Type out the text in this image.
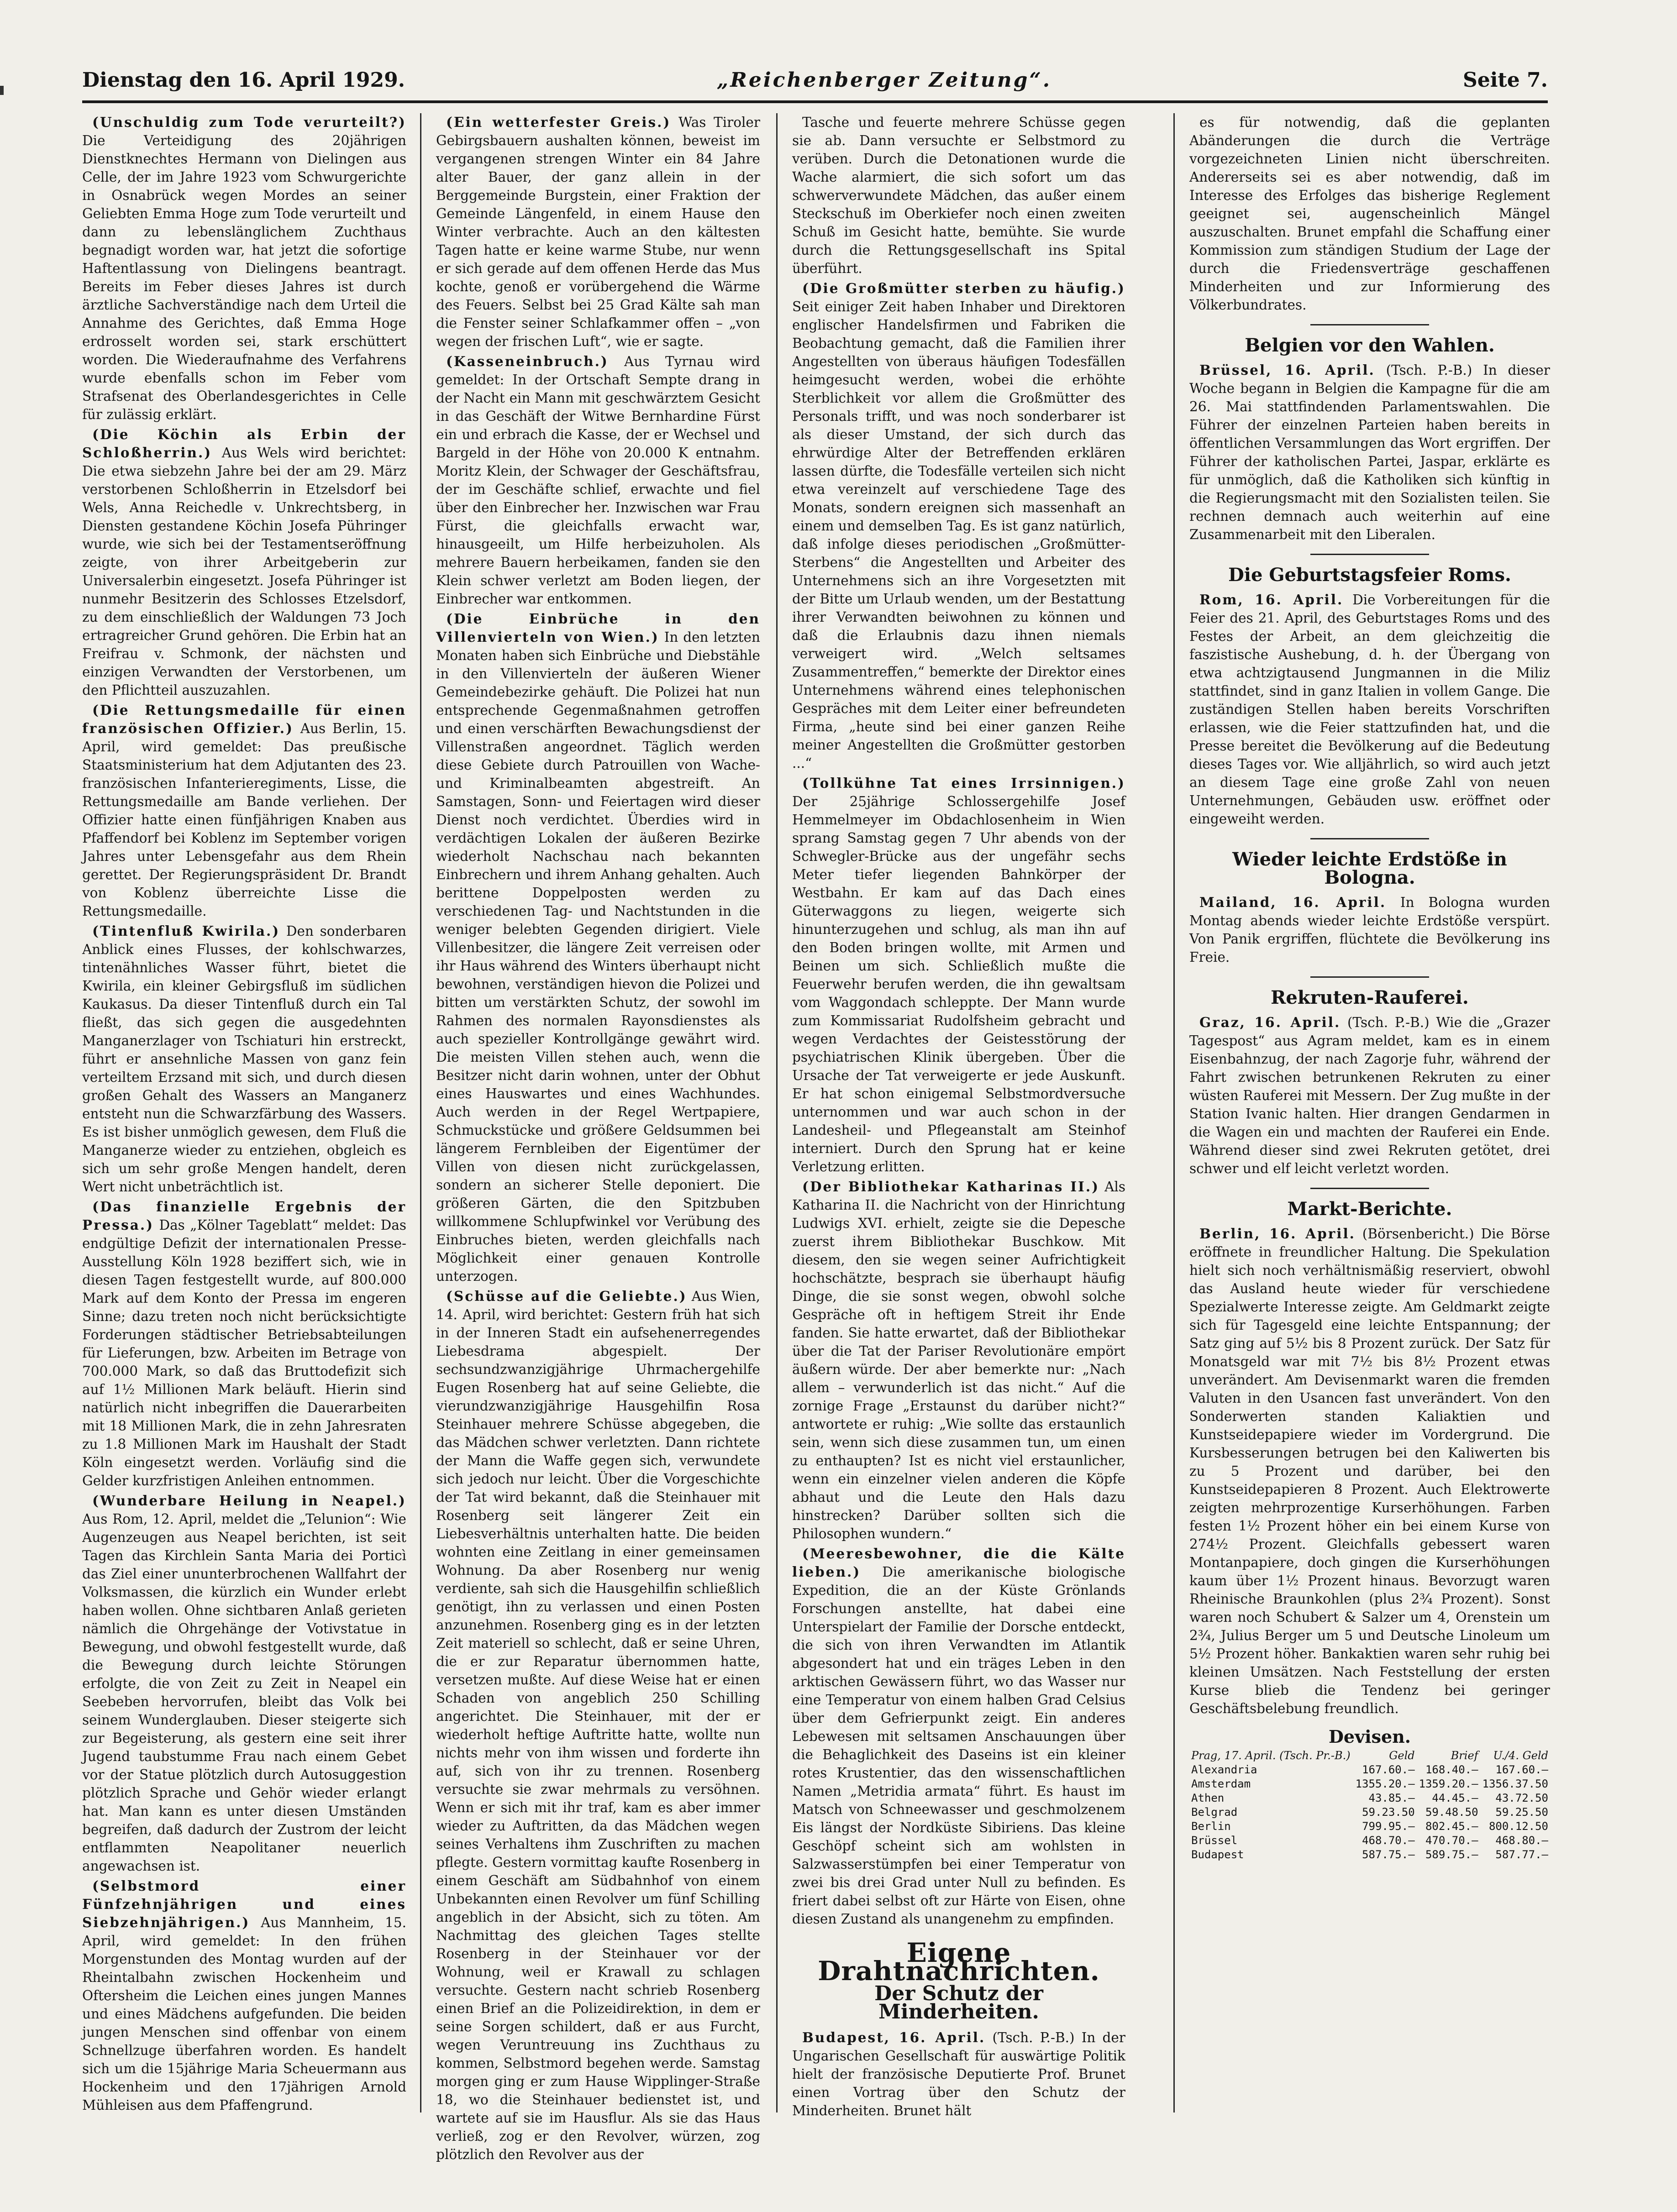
Dienstag den 16. April 1929.	„Reichenberger Zeitung“.	Seite 7.

(Unschuldig zum Tode verurteilt?) Die Verteidigung des 20jährigen Dienstknechtes Hermann von Dielingen aus Celle, der im Jahre 1923 vom Schwurgerichte in Osnabrück wegen Mordes an seiner Geliebten Emma Hoge zum Tode verurteilt und dann zu lebenslänglichem Zuchthaus begnadigt worden war, hat jetzt die sofortige Haftentlassung von Dielingens beantragt. Bereits im Feber dieses Jahres ist durch ärztliche Sachverständige nach dem Urteil die Annahme des Gerichtes, daß Emma Hoge erdrosselt worden sei, stark erschüttert worden. Die Wiederaufnahme des Verfahrens wurde ebenfalls schon im Feber vom Strafsenat des Oberlandesgerichtes in Celle für zulässig erklärt.

(Die Köchin als Erbin der Schloßherrin.) Aus Wels wird berichtet: Die etwa siebzehn Jahre bei der am 29. März verstorbenen Schloßherrin in Etzelsdorf bei Wels, Anna Reichedle v. Unkrechtsberg, in Diensten gestandene Köchin Josefa Pühringer wurde, wie sich bei der Testamentseröffnung zeigte, von ihrer Arbeitgeberin zur Universalerbin eingesetzt. Josefa Pühringer ist nunmehr Besitzerin des Schlosses Etzelsdorf, zu dem einschließlich der Waldungen 73 Joch ertragreicher Grund gehören. Die Erbin hat an Freifrau v. Schmonk, der nächsten und einzigen Verwandten der Verstorbenen, um den Pflichtteil auszuzahlen.

(Die Rettungsmedaille für einen französischen Offizier.) Aus Berlin, 15. April, wird gemeldet: Das preußische Staatsministerium hat dem Adjutanten des 23. französischen Infanterieregiments, Lisse, die Rettungsmedaille am Bande verliehen. Der Offizier hatte einen fünfjährigen Knaben aus Pfaffendorf bei Koblenz im September vorigen Jahres unter Lebensgefahr aus dem Rhein gerettet. Der Regierungspräsident Dr. Brandt von Koblenz überreichte Lisse die Rettungsmedaille.

(Tintenfluß Kwirila.) Den sonderbaren Anblick eines Flusses, der kohlschwarzes, tintenähnliches Wasser führt, bietet die Kwirila, ein kleiner Gebirgsfluß im südlichen Kaukasus. Da dieser Tintenfluß durch ein Tal fließt, das sich gegen die ausgedehnten Manganerzlager von Tschiaturi hin erstreckt, führt er ansehnliche Massen von ganz fein verteiltem Erzsand mit sich, und durch diesen großen Gehalt des Wassers an Manganerz entsteht nun die Schwarzfärbung des Wassers. Es ist bisher unmöglich gewesen, dem Fluß die Manganerze wieder zu entziehen, obgleich es sich um sehr große Mengen handelt, deren Wert nicht unbeträchtlich ist.

(Das finanzielle Ergebnis der Pressa.) Das „Kölner Tageblatt“ meldet: Das endgültige Defizit der internationalen Presse-Ausstellung Köln 1928 beziffert sich, wie in diesen Tagen festgestellt wurde, auf 800.000 Mark auf dem Konto der Pressa im engeren Sinne; dazu treten noch nicht berücksichtigte Forderungen städtischer Betriebsabteilungen für Lieferungen, bzw. Arbeiten im Betrage von 700.000 Mark, so daß das Bruttodefizit sich auf 1½ Millionen Mark beläuft. Hierin sind natürlich nicht inbegriffen die Dauerarbeiten mit 18 Millionen Mark, die in zehn Jahresraten zu 1.8 Millionen Mark im Haushalt der Stadt Köln eingesetzt werden. Vorläufig sind die Gelder kurzfristigen Anleihen entnommen.

(Wunderbare Heilung in Neapel.) Aus Rom, 12. April, meldet die „Telunion“: Wie Augenzeugen aus Neapel berichten, ist seit Tagen das Kirchlein Santa Maria dei Porticì das Ziel einer ununterbrochenen Wallfahrt der Volksmassen, die kürzlich ein Wunder erlebt haben wollen. Ohne sichtbaren Anlaß gerieten nämlich die Ohrgehänge der Votivstatue in Bewegung, und obwohl festgestellt wurde, daß die Bewegung durch leichte Störungen erfolgte, die von Zeit zu Zeit in Neapel ein Seebeben hervorrufen, bleibt das Volk bei seinem Wunderglauben. Dieser steigerte sich zur Begeisterung, als gestern eine seit ihrer Jugend taubstumme Frau nach einem Gebet vor der Statue plötzlich durch Autosuggestion plötzlich Sprache und Gehör wieder erlangt hat. Man kann es unter diesen Umständen begreifen, daß dadurch der Zustrom der leicht entflammten Neapolitaner neuerlich angewachsen ist.

(Selbstmord einer Fünfzehnjährigen und eines Siebzehnjährigen.) Aus Mannheim, 15. April, wird gemeldet: In den frühen Morgenstunden des Montag wurden auf der Rheintalbahn zwischen Hockenheim und Oftersheim die Leichen eines jungen Mannes und eines Mädchens aufgefunden. Die beiden jungen Menschen sind offenbar von einem Schnellzuge überfahren worden. Es handelt sich um die 15jährige Maria Scheuermann aus Hockenheim und den 17jährigen Arnold Mühleisen aus dem Pfaffengrund.

(Ein wetterfester Greis.) Was Tiroler Gebirgsbauern aushalten können, beweist im vergangenen strengen Winter ein 84 Jahre alter Bauer, der ganz allein in der Berggemeinde Burgstein, einer Fraktion der Gemeinde Längenfeld, in einem Hause den Winter verbrachte. Auch an den kältesten Tagen hatte er keine warme Stube, nur wenn er sich gerade auf dem offenen Herde das Mus kochte, genoß er vorübergehend die Wärme des Feuers. Selbst bei 25 Grad Kälte sah man die Fenster seiner Schlafkammer offen – „von wegen der frischen Luft“, wie er sagte.

(Kasseneinbruch.) Aus Tyrnau wird gemeldet: In der Ortschaft Sempte drang in der Nacht ein Mann mit geschwärztem Gesicht in das Geschäft der Witwe Bernhardine Fürst ein und erbrach die Kasse, der er Wechsel und Bargeld in der Höhe von 20.000 K entnahm. Moritz Klein, der Schwager der Geschäftsfrau, der im Geschäfte schlief, erwachte und fiel über den Einbrecher her. Inzwischen war Frau Fürst, die gleichfalls erwacht war, hinausgeeilt, um Hilfe herbeizuholen. Als mehrere Bauern herbeikamen, fanden sie den Klein schwer verletzt am Boden liegen, der Einbrecher war entkommen.

(Die Einbrüche in den Villenvierteln von Wien.) In den letzten Monaten haben sich Einbrüche und Diebstähle in den Villenvierteln der äußeren Wiener Gemeindebezirke gehäuft. Die Polizei hat nun entsprechende Gegenmaßnahmen getroffen und einen verschärften Bewachungsdienst der Villenstraßen angeordnet. Täglich werden diese Gebiete durch Patrouillen von Wache- und Kriminalbeamten abgestreift. An Samstagen, Sonn- und Feiertagen wird dieser Dienst noch verdichtet. Überdies wird in verdächtigen Lokalen der äußeren Bezirke wiederholt Nachschau nach bekannten Einbrechern und ihrem Anhang gehalten. Auch berittene Doppelposten werden zu verschiedenen Tag- und Nachtstunden in die weniger belebten Gegenden dirigiert. Viele Villenbesitzer, die längere Zeit verreisen oder ihr Haus während des Winters überhaupt nicht bewohnen, verständigen hievon die Polizei und bitten um verstärkten Schutz, der sowohl im Rahmen des normalen Rayonsdienstes als auch spezieller Kontrollgänge gewährt wird. Die meisten Villen stehen auch, wenn die Besitzer nicht darin wohnen, unter der Obhut eines Hauswartes und eines Wachhundes. Auch werden in der Regel Wertpapiere, Schmuckstücke und größere Geldsummen bei längerem Fernbleiben der Eigentümer der Villen von diesen nicht zurückgelassen, sondern an sicherer Stelle deponiert. Die größeren Gärten, die den Spitzbuben willkommene Schlupfwinkel vor Verübung des Einbruches bieten, werden gleichfalls nach Möglichkeit einer genauen Kontrolle unterzogen.

(Schüsse auf die Geliebte.) Aus Wien, 14. April, wird berichtet: Gestern früh hat sich in der Inneren Stadt ein aufsehenerregendes Liebesdrama abgespielt. Der sechsundzwanzigjährige Uhrmachergehilfe Eugen Rosenberg hat auf seine Geliebte, die vierundzwanzigjährige Hausgehilfin Rosa Steinhauer mehrere Schüsse abgegeben, die das Mädchen schwer verletzten. Dann richtete der Mann die Waffe gegen sich, verwundete sich jedoch nur leicht. Über die Vorgeschichte der Tat wird bekannt, daß die Steinhauer mit Rosenberg seit längerer Zeit ein Liebesverhältnis unterhalten hatte. Die beiden wohnten eine Zeitlang in einer gemeinsamen Wohnung. Da aber Rosenberg nur wenig verdiente, sah sich die Hausgehilfin schließlich genötigt, ihn zu verlassen und einen Posten anzunehmen. Rosenberg ging es in der letzten Zeit materiell so schlecht, daß er seine Uhren, die er zur Reparatur übernommen hatte, versetzen mußte. Auf diese Weise hat er einen Schaden von angeblich 250 Schilling angerichtet. Die Steinhauer, mit der er wiederholt heftige Auftritte hatte, wollte nun nichts mehr von ihm wissen und forderte ihn auf, sich von ihr zu trennen. Rosenberg versuchte sie zwar mehrmals zu versöhnen. Wenn er sich mit ihr traf, kam es aber immer wieder zu Auftritten, da das Mädchen wegen seines Verhaltens ihm Zuschriften zu machen pflegte. Gestern vormittag kaufte Rosenberg in einem Geschäft am Südbahnhof von einem Unbekannten einen Revolver um fünf Schilling angeblich in der Absicht, sich zu töten. Am Nachmittag des gleichen Tages stellte Rosenberg in der Steinhauer vor der Wohnung, weil er Krawall zu schlagen versuchte. Gestern nacht schrieb Rosenberg einen Brief an die Polizeidirektion, in dem er seine Sorgen schildert, daß er aus Furcht, wegen Veruntreuung ins Zuchthaus zu kommen, Selbstmord begehen werde. Samstag morgen ging er zum Hause Wipplinger-Straße 18, wo die Steinhauer bedienstet ist, und wartete auf sie im Hausflur. Als sie das Haus verließ, zog er den Revolver, würzen, zog plötzlich den Revolver aus der

Tasche und feuerte mehrere Schüsse gegen sie ab. Dann versuchte er Selbstmord zu verüben. Durch die Detonationen wurde die Wache alarmiert, die sich sofort um das schwerverwundete Mädchen, das außer einem Steckschuß im Oberkiefer noch einen zweiten Schuß im Gesicht hatte, bemühte. Sie wurde durch die Rettungsgesellschaft ins Spital überführt.

(Die Großmütter sterben zu häufig.) Seit einiger Zeit haben Inhaber und Direktoren englischer Handelsfirmen und Fabriken die Beobachtung gemacht, daß die Familien ihrer Angestellten von überaus häufigen Todesfällen heimgesucht werden, wobei die erhöhte Sterblichkeit vor allem die Großmütter des Personals trifft, und was noch sonderbarer ist als dieser Umstand, der sich durch das ehrwürdige Alter der Betreffenden erklären lassen dürfte, die Todesfälle verteilen sich nicht etwa vereinzelt auf verschiedene Tage des Monats, sondern ereignen sich massenhaft an einem und demselben Tag. Es ist ganz natürlich, daß infolge dieses periodischen „Großmütter-Sterbens“ die Angestellten und Arbeiter des Unternehmens sich an ihre Vorgesetzten mit der Bitte um Urlaub wenden, um der Bestattung ihrer Verwandten beiwohnen zu können und daß die Erlaubnis dazu ihnen niemals verweigert wird. „Welch seltsames Zusammentreffen,“ bemerkte der Direktor eines Unternehmens während eines telephonischen Gespräches mit dem Leiter einer befreundeten Firma, „heute sind bei einer ganzen Reihe meiner Angestellten die Großmütter gestorben ...“

(Tollkühne Tat eines Irrsinnigen.) Der 25jährige Schlossergehilfe Josef Hemmelmeyer im Obdachlosenheim in Wien sprang Samstag gegen 7 Uhr abends von der Schwegler-Brücke aus der ungefähr sechs Meter tiefer liegenden Bahnkörper der Westbahn. Er kam auf das Dach eines Güterwaggons zu liegen, weigerte sich hinunterzugehen und schlug, als man ihn auf den Boden bringen wollte, mit Armen und Beinen um sich. Schließlich mußte die Feuerwehr berufen werden, die ihn gewaltsam vom Waggondach schleppte. Der Mann wurde zum Kommissariat Rudolfsheim gebracht und wegen Verdachtes der Geistesstörung der psychiatrischen Klinik übergeben. Über die Ursache der Tat verweigerte er jede Auskunft. Er hat schon einigemal Selbstmordversuche unternommen und war auch schon in der Landesheil- und Pflegeanstalt am Steinhof interniert. Durch den Sprung hat er keine Verletzung erlitten.

(Der Bibliothekar Katharinas II.) Als Katharina II. die Nachricht von der Hinrichtung Ludwigs XVI. erhielt, zeigte sie die Depesche zuerst ihrem Bibliothekar Buschkow. Mit diesem, den sie wegen seiner Aufrichtigkeit hochschätzte, besprach sie überhaupt häufig Dinge, die sie sonst wegen, obwohl solche Gespräche oft in heftigem Streit ihr Ende fanden. Sie hatte erwartet, daß der Bibliothekar über die Tat der Pariser Revolutionäre empört äußern würde. Der aber bemerkte nur: „Nach allem – verwunderlich ist das nicht.“ Auf die zornige Frage „Erstaunst du darüber nicht?“ antwortete er ruhig: „Wie sollte das erstaunlich sein, wenn sich diese zusammen tun, um einen zu enthaupten? Ist es nicht viel erstaunlicher, wenn ein einzelner vielen anderen die Köpfe abhaut und die Leute den Hals dazu hinstrecken? Darüber sollten sich die Philosophen wundern.“

(Meeresbewohner, die die Kälte lieben.) Die amerikanische biologische Expedition, die an der Küste Grönlands Forschungen anstellte, hat dabei eine Unterspielart der Familie der Dorsche entdeckt, die sich von ihren Verwandten im Atlantik abgesondert hat und ein träges Leben in den arktischen Gewässern führt, wo das Wasser nur eine Temperatur von einem halben Grad Celsius über dem Gefrierpunkt zeigt. Ein anderes Lebewesen mit seltsamen Anschauungen über die Behaglichkeit des Daseins ist ein kleiner rotes Krustentier, das den wissenschaftlichen Namen „Metridia armata“ führt. Es haust im Matsch von Schneewasser und geschmolzenem Eis längst der Nordküste Sibiriens. Das kleine Geschöpf scheint sich am wohlsten in Salzwasserstümpfen bei einer Temperatur von zwei bis drei Grad unter Null zu befinden. Es friert dabei selbst oft zur Härte von Eisen, ohne diesen Zustand als unangenehm zu empfinden.

Eigene Drahtnachrichten.
Der Schutz der Minderheiten.

Budapest, 16. April. (Tsch. P.-B.) In der Ungarischen Gesellschaft für auswärtige Politik hielt der französische Deputierte Prof. Brunet einen Vortrag über den Schutz der Minderheiten. Brunet hält

es für notwendig, daß die geplanten Abänderungen die durch die Verträge vorgezeichneten Linien nicht überschreiten. Andererseits sei es aber notwendig, daß im Interesse des Erfolges das bisherige Reglement geeignet sei, augenscheinlich Mängel auszuschalten. Brunet empfahl die Schaffung einer Kommission zum ständigen Studium der Lage der durch die Friedensverträge geschaffenen Minderheiten und zur Informierung des Völkerbundrates.

Belgien vor den Wahlen.

Brüssel, 16. April. (Tsch. P.-B.) In dieser Woche begann in Belgien die Kampagne für die am 26. Mai stattfindenden Parlamentswahlen. Die Führer der einzelnen Parteien haben bereits in öffentlichen Versammlungen das Wort ergriffen. Der Führer der katholischen Partei, Jaspar, erklärte es für unmöglich, daß die Katholiken sich künftig in die Regierungsmacht mit den Sozialisten teilen. Sie rechnen demnach auch weiterhin auf eine Zusammenarbeit mit den Liberalen.

Die Geburtstagsfeier Roms.

Rom, 16. April. Die Vorbereitungen für die Feier des 21. April, des Geburtstages Roms und des Festes der Arbeit, an dem gleichzeitig die faszistische Aushebung, d. h. der Übergang von etwa achtzigtausend Jungmannen in die Miliz stattfindet, sind in ganz Italien in vollem Gange. Die zuständigen Stellen haben bereits Vorschriften erlassen, wie die Feier stattzufinden hat, und die Presse bereitet die Bevölkerung auf die Bedeutung dieses Tages vor. Wie alljährlich, so wird auch jetzt an diesem Tage eine große Zahl von neuen Unternehmungen, Gebäuden usw. eröffnet oder eingeweiht werden.

Wieder leichte Erdstöße in Bologna.

Mailand, 16. April. In Bologna wurden Montag abends wieder leichte Erdstöße verspürt. Von Panik ergriffen, flüchtete die Bevölkerung ins Freie.

Rekruten-Rauferei.

Graz, 16. April. (Tsch. P.-B.) Wie die „Grazer Tagespost“ aus Agram meldet, kam es in einem Eisenbahnzug, der nach Zagorje fuhr, während der Fahrt zwischen betrunkenen Rekruten zu einer wüsten Rauferei mit Messern. Der Zug mußte in der Station Ivanic halten. Hier drangen Gendarmen in die Wagen ein und machten der Rauferei ein Ende. Während dieser sind zwei Rekruten getötet, drei schwer und elf leicht verletzt worden.

Markt-Berichte.

Berlin, 16. April. (Börsenbericht.) Die Börse eröffnete in freundlicher Haltung. Die Spekulation hielt sich noch verhältnismäßig reserviert, obwohl das Ausland heute wieder für verschiedene Spezialwerte Interesse zeigte. Am Geldmarkt zeigte sich für Tagesgeld eine leichte Entspannung; der Satz ging auf 5½ bis 8 Prozent zurück. Der Satz für Monatsgeld war mit 7½ bis 8½ Prozent etwas unverändert. Am Devisenmarkt waren die fremden Valuten in den Usancen fast unverändert. Von den Sonderwerten standen Kaliaktien und Kunstseidepapiere wieder im Vordergrund. Die Kursbesserungen betrugen bei den Kaliwerten bis zu 5 Prozent und darüber, bei den Kunstseidepapieren 8 Prozent. Auch Elektrowerte zeigten mehrprozentige Kurserhöhungen. Farben festen 1½ Prozent höher ein bei einem Kurse von 274½ Prozent. Gleichfalls gebessert waren Montanpapiere, doch gingen die Kurserhöhungen kaum über 1½ Prozent hinaus. Bevorzugt waren Rheinische Braunkohlen (plus 2¾ Prozent). Sonst waren noch Schubert & Salzer um 4, Orenstein um 2¾, Julius Berger um 5 und Deutsche Linoleum um 5½ Prozent höher. Bankaktien waren sehr ruhig bei kleinen Umsätzen. Nach Feststellung der ersten Kurse blieb die Tendenz bei geringer Geschäftsbelebung freundlich.

Devisen.
Prag, 17. April. (Tsch. Pr.-B.)	Geld	Brief	U./4. Geld
Alexandria	167.60.–	168.40.–	167.60.–
Amsterdam	1355.20.–	1359.20.–	1356.37.50
Athen	43.85.–	44.45.–	43.72.50
Belgrad	59.23.50	59.48.50	59.25.50
Berlin	799.95.–	802.45.–	800.12.50
Brüssel	468.70.–	470.70.–	468.80.–
Budapest	587.75.–	589.75.–	587.77.–
